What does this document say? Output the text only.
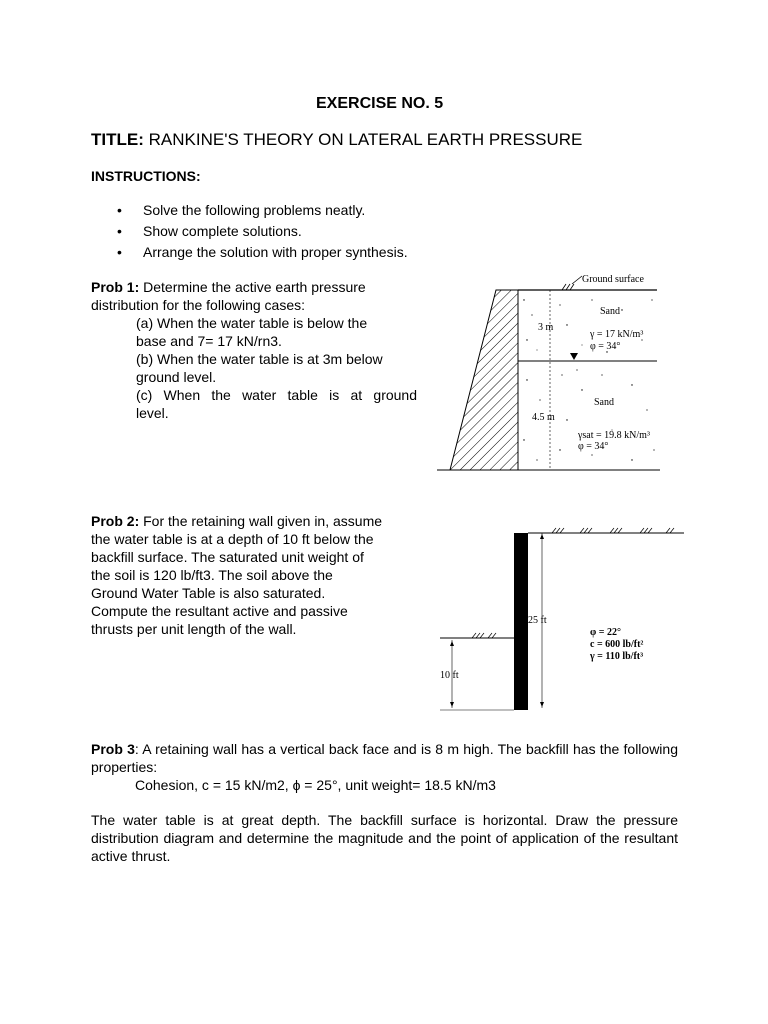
EXERCISE NO. 5
TITLE: RANKINE'S THEORY ON LATERAL EARTH PRESSURE
INSTRUCTIONS:
• Solve the following problems neatly.
• Show complete solutions.
• Arrange the solution with proper synthesis.
Prob 1: Determine the active earth pressure
distribution for the following cases:
(a) When the water table is below the
base and 7= 17 kN/rn3.
(b) When the water table is at 3m below
ground level.
(c) When the water table is at ground
level.
Ground surface
3 m
4.5 m
Sand
γ = 17 kN/m³
φ = 34°
Sand
γsat = 19.8 kN/m³
φ = 34°
Prob 2: For the retaining wall given in, assume
the water table is at a depth of 10 ft below the
backfill surface. The saturated unit weight of
the soil is 120 lb/ft3. The soil above the
Ground Water Table is also saturated.
Compute the resultant active and passive
thrusts per unit length of the wall.
25 ft
10 ft
φ = 22°
c = 600 lb/ft²
γ = 110 lb/ft³
Prob 3: A retaining wall has a vertical back face and is 8 m high. The backfill has the following properties:
Cohesion, c = 15 kN/m2, ϕ = 25°, unit weight= 18.5 kN/m3
The water table is at great depth. The backfill surface is horizontal. Draw the pressure distribution diagram and determine the magnitude and the point of application of the resultant active thrust.
